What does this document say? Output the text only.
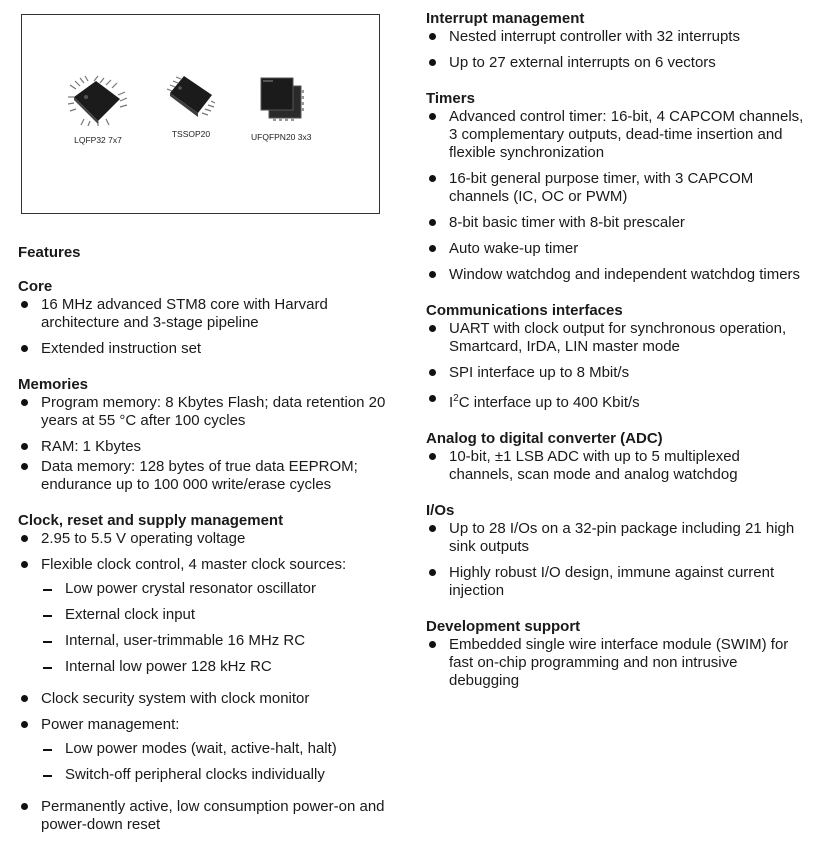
LQFP32 7x7
TSSOP20	UFQFPN20 3x3
Features
Core
16 MHz advanced STM8 core with Harvard architecture and 3-stage pipeline
Extended instruction set
Memories
Program memory: 8 Kbytes Flash; data retention 20 years at 55 °C after 100 cycles
RAM: 1 Kbytes
Data memory: 128 bytes of true data EEPROM; endurance up to 100 000 write/erase cycles
Clock, reset and supply management
2.95 to 5.5 V operating voltage
Flexible clock control, 4 master clock sources:
Low power crystal resonator oscillator
External clock input
Internal, user-trimmable 16 MHz RC
Internal low power 128 kHz RC
Clock security system with clock monitor
Power management:
Low power modes (wait, active-halt, halt)
Switch-off peripheral clocks individually
Permanently active, low consumption power-on and power-down reset
Interrupt management
Nested interrupt controller with 32 interrupts
Up to 27 external interrupts on 6 vectors
Timers
Advanced control timer: 16-bit, 4 CAPCOM channels, 3 complementary outputs, dead-time insertion and flexible synchronization
16-bit general purpose timer, with 3 CAPCOM channels (IC, OC or PWM)
8-bit basic timer with 8-bit prescaler
Auto wake-up timer
Window watchdog and independent watchdog timers
Communications interfaces
UART with clock output for synchronous operation, Smartcard, IrDA, LIN master mode
SPI interface up to 8 Mbit/s
$I^2C$ interface up to 400 Kbit/s
Analog to digital converter (ADC)
10-bit, ±1 LSB ADC with up to 5 multiplexed channels, scan mode and analog watchdog
I/Os
Up to 28 I/Os on a 32-pin package including 21 high sink outputs
Highly robust I/O design, immune against current injection
Development support
Embedded single wire interface module (SWIM) for fast on-chip programming and non intrusive debugging
